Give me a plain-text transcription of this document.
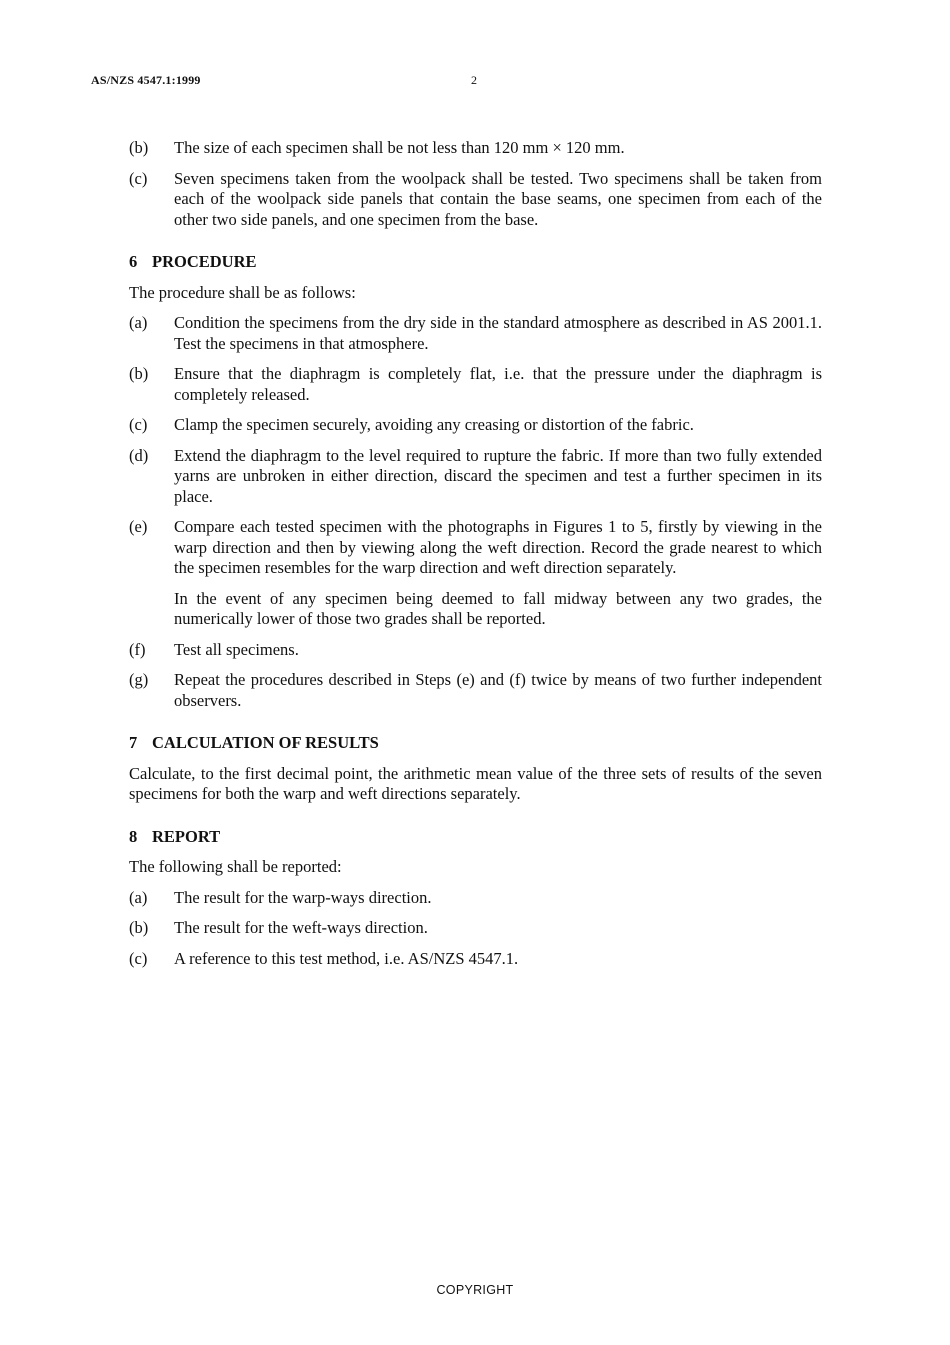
AS/NZS 4547.1:1999	2
(b)	The size of each specimen shall be not less than 120 mm × 120 mm.
(c)	Seven specimens taken from the woolpack shall be tested. Two specimens shall be taken from each of the woolpack side panels that contain the base seams, one specimen from each of the other two side panels, and one specimen from the base.
6 PROCEDURE
The procedure shall be as follows:
(a)	Condition the specimens from the dry side in the standard atmosphere as described in AS 2001.1. Test the specimens in that atmosphere.
(b)	Ensure that the diaphragm is completely flat, i.e. that the pressure under the diaphragm is completely released.
(c)	Clamp the specimen securely, avoiding any creasing or distortion of the fabric.
(d)	Extend the diaphragm to the level required to rupture the fabric. If more than two fully extended yarns are unbroken in either direction, discard the specimen and test a further specimen in its place.
(e)	Compare each tested specimen with the photographs in Figures 1 to 5, firstly by viewing in the warp direction and then by viewing along the weft direction. Record the grade nearest to which the specimen resembles for the warp direction and weft direction separately.
In the event of any specimen being deemed to fall midway between any two grades, the numerically lower of those two grades shall be reported.
(f)	Test all specimens.
(g)	Repeat the procedures described in Steps (e) and (f) twice by means of two further independent observers.
7 CALCULATION OF RESULTS
Calculate, to the first decimal point, the arithmetic mean value of the three sets of results of the seven specimens for both the warp and weft directions separately.
8 REPORT
The following shall be reported:
(a)	The result for the warp-ways direction.
(b)	The result for the weft-ways direction.
(c)	A reference to this test method, i.e. AS/NZS 4547.1.
COPYRIGHT
